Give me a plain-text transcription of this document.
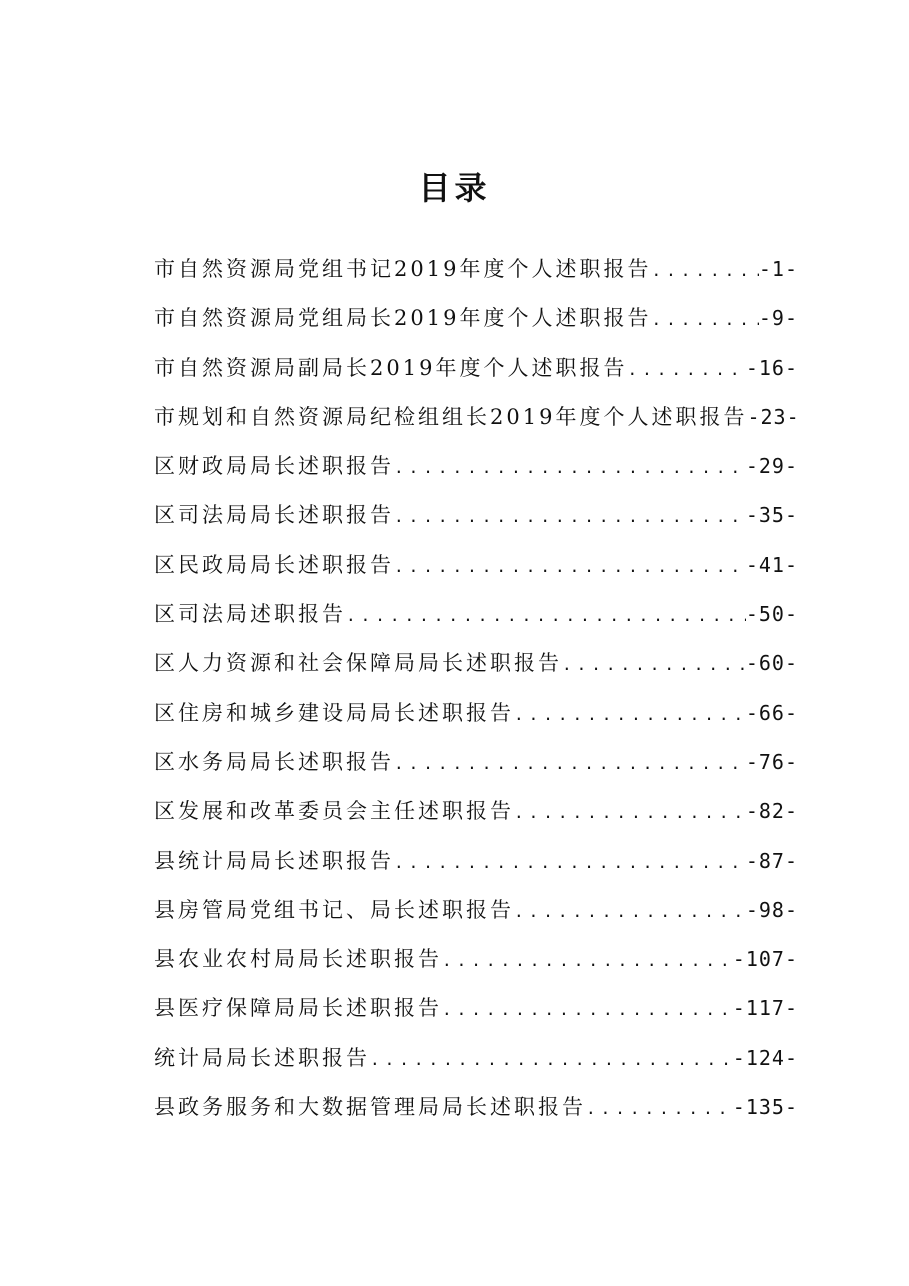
目录
市自然资源局党组书记2019年度个人述职报告 .....	-1-
市自然资源局党组局长2019年度个人述职报告 .....	-9-
市自然资源局副局长2019年度个人述职报告 .....	-16-
市规划和自然资源局纪检组组长2019年度个人述职报告 -23-
区财政局局长述职报告 .....	-29-
区司法局局长述职报告 .....	-35-
区民政局局长述职报告 .....	-41-
区司法局述职报告 .....	-50-
区人力资源和社会保障局局长述职报告 .....	-60-
区住房和城乡建设局局长述职报告 .....	-66-
区水务局局长述职报告 .....	-76-
区发展和改革委员会主任述职报告 .....	-82-
县统计局局长述职报告 .....	-87-
县房管局党组书记、局长述职报告 .....	-98-
县农业农村局局长述职报告 .....	-107-
县医疗保障局局长述职报告 .....	-117-
统计局局长述职报告 .....	-124-
县政务服务和大数据管理局局长述职报告 .....	-135-
